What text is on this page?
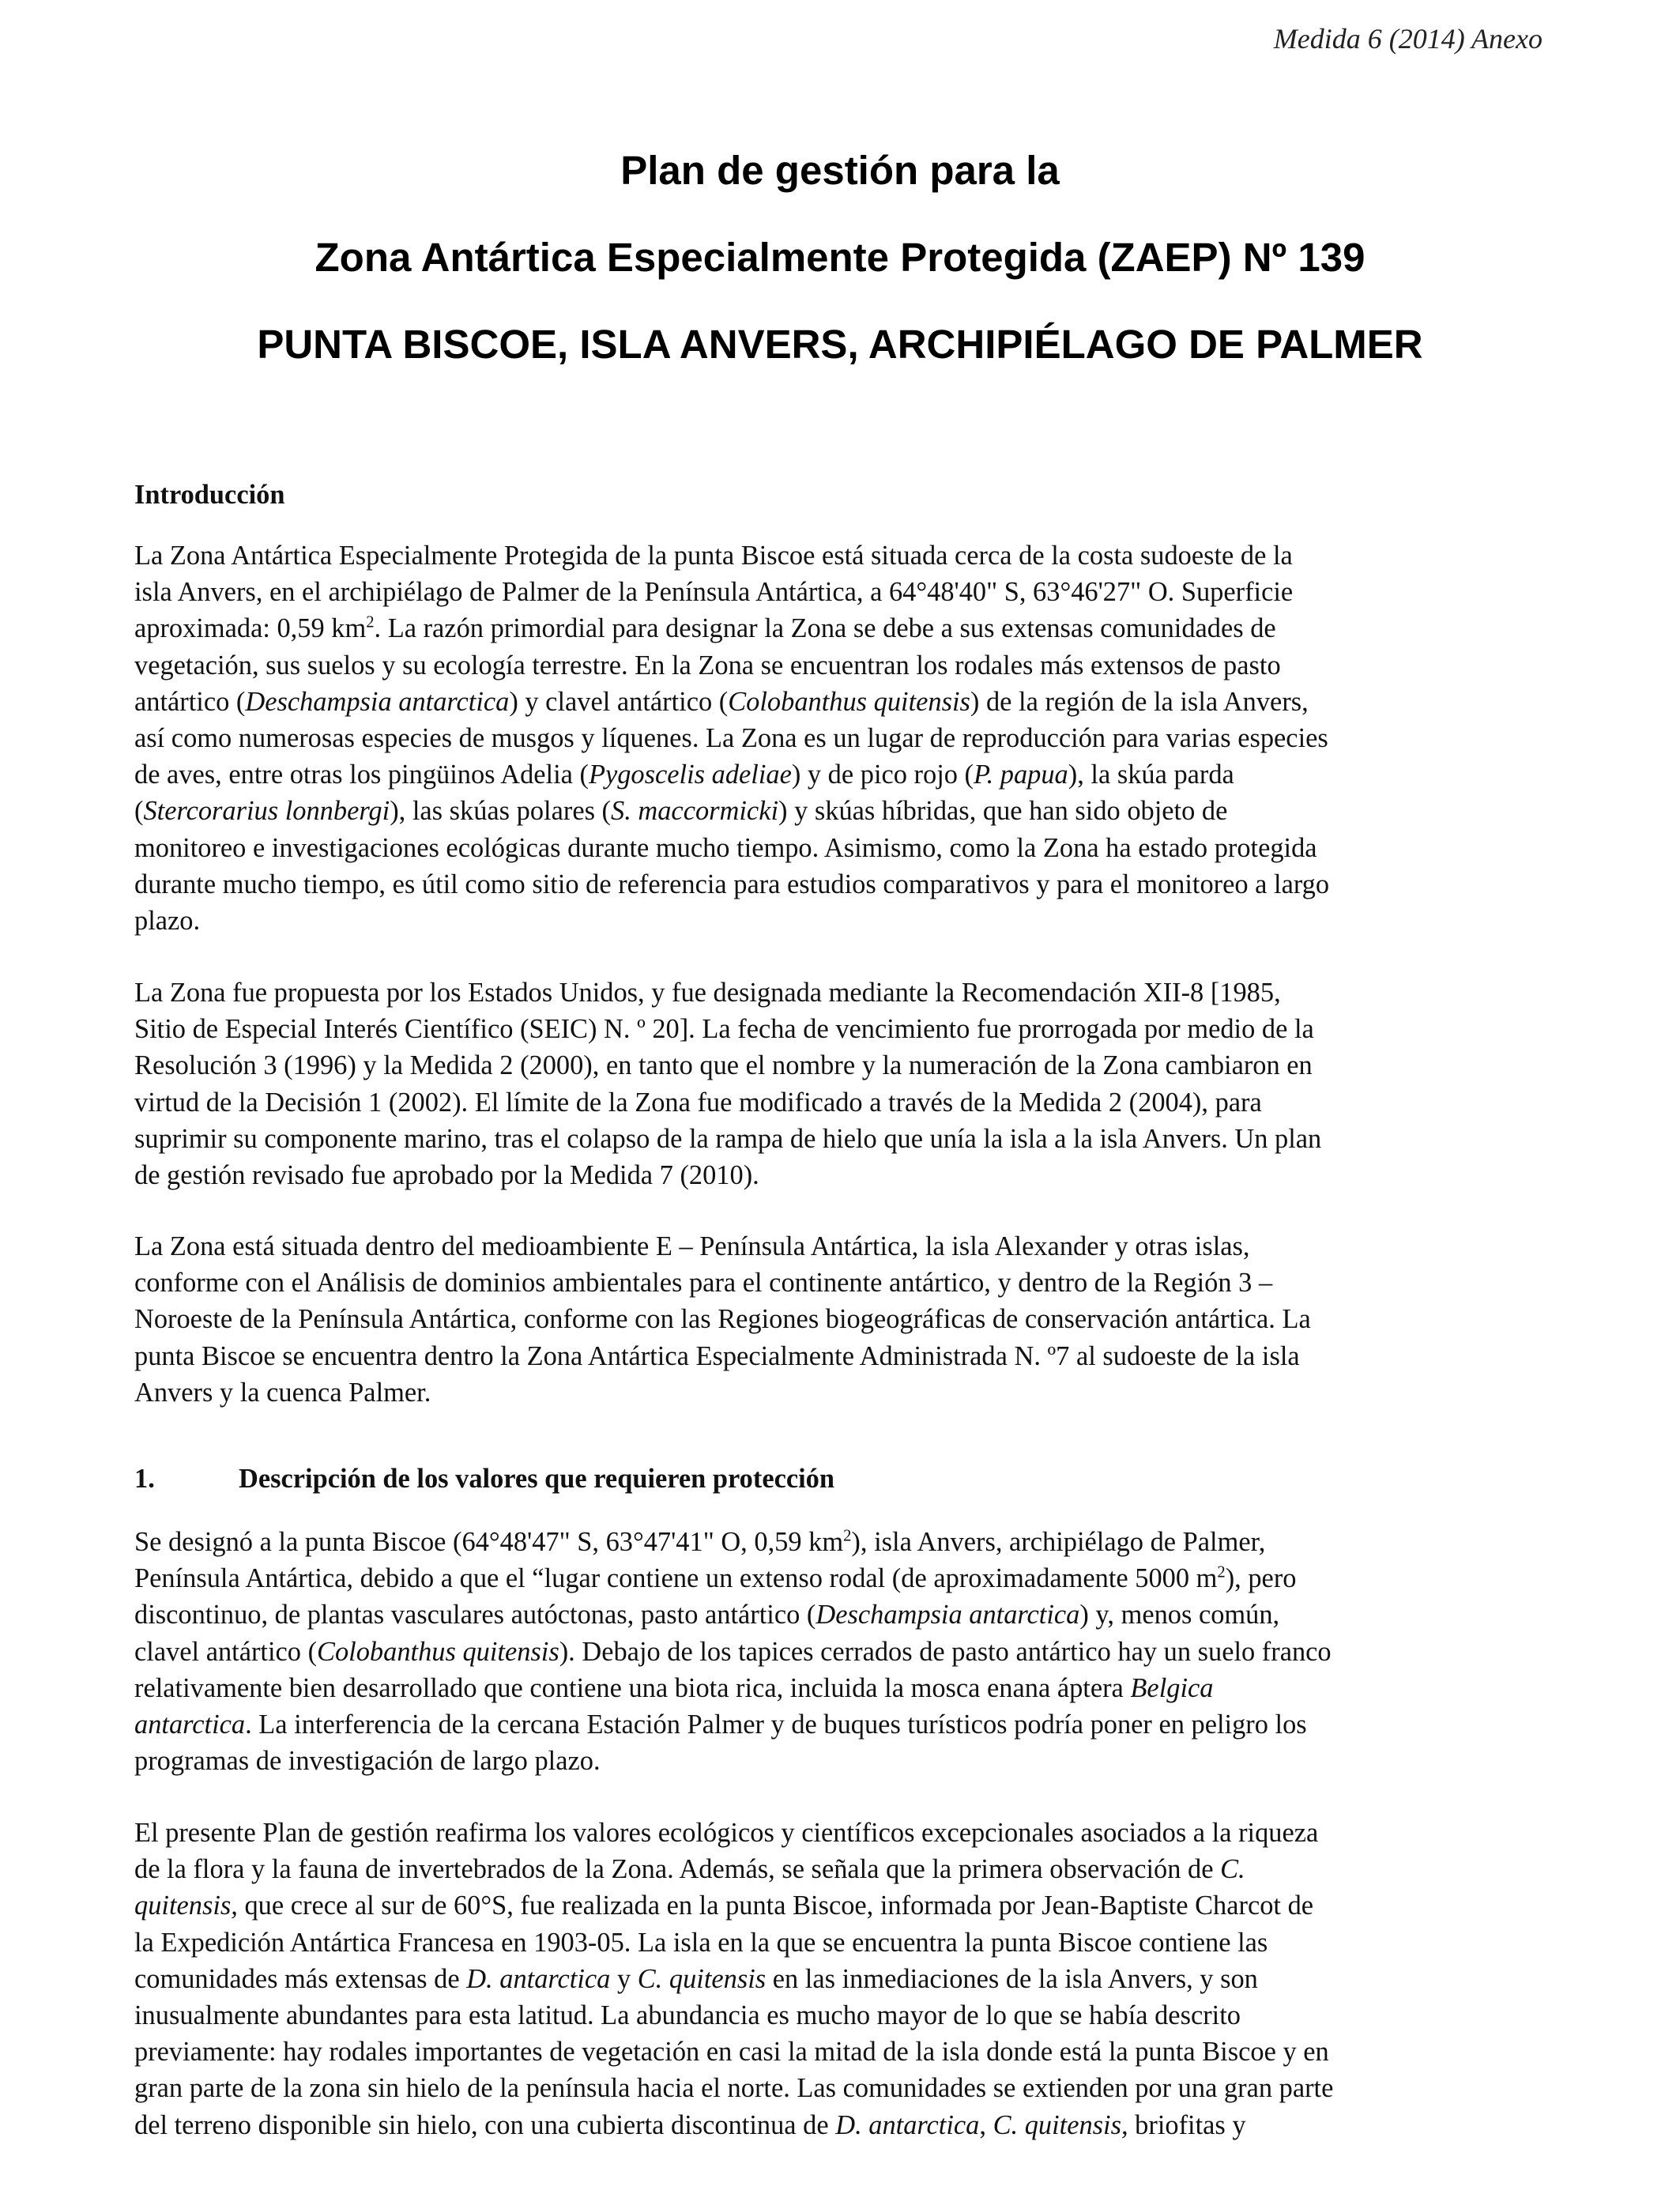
Medida 6 (2014) Anexo
Plan de gestión para la
Zona Antártica Especialmente Protegida (ZAEP) Nº 139
PUNTA BISCOE, ISLA ANVERS, ARCHIPIÉLAGO DE PALMER
Introducción
La Zona Antártica Especialmente Protegida de la punta Biscoe está situada cerca de la costa sudoeste de la
isla Anvers, en el archipiélago de Palmer de la Península Antártica, a 64°48'40" S, 63°46'27" O. Superficie
aproximada: 0,59 $km^2$. La razón primordial para designar la Zona se debe a sus extensas comunidades de
vegetación, sus suelos y su ecología terrestre. En la Zona se encuentran los rodales más extensos de pasto
antártico (Deschampsia antarctica) y clavel antártico (Colobanthus quitensis) de la región de la isla Anvers,
así como numerosas especies de musgos y líquenes. La Zona es un lugar de reproducción para varias especies
de aves, entre otras los pingüinos Adelia (Pygoscelis adeliae) y de pico rojo (P. papua), la skúa parda
(Stercorarius lonnbergi), las skúas polares (S. maccormicki) y skúas híbridas, que han sido objeto de
monitoreo e investigaciones ecológicas durante mucho tiempo. Asimismo, como la Zona ha estado protegida
durante mucho tiempo, es útil como sitio de referencia para estudios comparativos y para el monitoreo a largo
plazo.
La Zona fue propuesta por los Estados Unidos, y fue designada mediante la Recomendación XII-8 [1985,
Sitio de Especial Interés Científico (SEIC) N. º 20]. La fecha de vencimiento fue prorrogada por medio de la
Resolución 3 (1996) y la Medida 2 (2000), en tanto que el nombre y la numeración de la Zona cambiaron en
virtud de la Decisión 1 (2002). El límite de la Zona fue modificado a través de la Medida 2 (2004), para
suprimir su componente marino, tras el colapso de la rampa de hielo que unía la isla a la isla Anvers. Un plan
de gestión revisado fue aprobado por la Medida 7 (2010).
La Zona está situada dentro del medioambiente E – Península Antártica, la isla Alexander y otras islas,
conforme con el Análisis de dominios ambientales para el continente antártico, y dentro de la Región 3 –
Noroeste de la Península Antártica, conforme con las Regiones biogeográficas de conservación antártica. La
punta Biscoe se encuentra dentro la Zona Antártica Especialmente Administrada N. º7 al sudoeste de la isla
Anvers y la cuenca Palmer.
1.	Descripción de los valores que requieren protección
Se designó a la punta Biscoe (64°48'47" S, 63°47'41" O, 0,59 $km^2$), isla Anvers, archipiélago de Palmer,
Península Antártica, debido a que el “lugar contiene un extenso rodal (de aproximadamente 5000 $m^2$), pero
discontinuo, de plantas vasculares autóctonas, pasto antártico (Deschampsia antarctica) y, menos común,
clavel antártico (Colobanthus quitensis). Debajo de los tapices cerrados de pasto antártico hay un suelo franco
relativamente bien desarrollado que contiene una biota rica, incluida la mosca enana áptera Belgica
antarctica. La interferencia de la cercana Estación Palmer y de buques turísticos podría poner en peligro los
programas de investigación de largo plazo.
El presente Plan de gestión reafirma los valores ecológicos y científicos excepcionales asociados a la riqueza
de la flora y la fauna de invertebrados de la Zona. Además, se señala que la primera observación de C.
quitensis, que crece al sur de 60°S, fue realizada en la punta Biscoe, informada por Jean-Baptiste Charcot de
la Expedición Antártica Francesa en 1903-05. La isla en la que se encuentra la punta Biscoe contiene las
comunidades más extensas de D. antarctica y C. quitensis en las inmediaciones de la isla Anvers, y son
inusualmente abundantes para esta latitud. La abundancia es mucho mayor de lo que se había descrito
previamente: hay rodales importantes de vegetación en casi la mitad de la isla donde está la punta Biscoe y en
gran parte de la zona sin hielo de la península hacia el norte. Las comunidades se extienden por una gran parte
del terreno disponible sin hielo, con una cubierta discontinua de D. antarctica, C. quitensis, briofitas y
